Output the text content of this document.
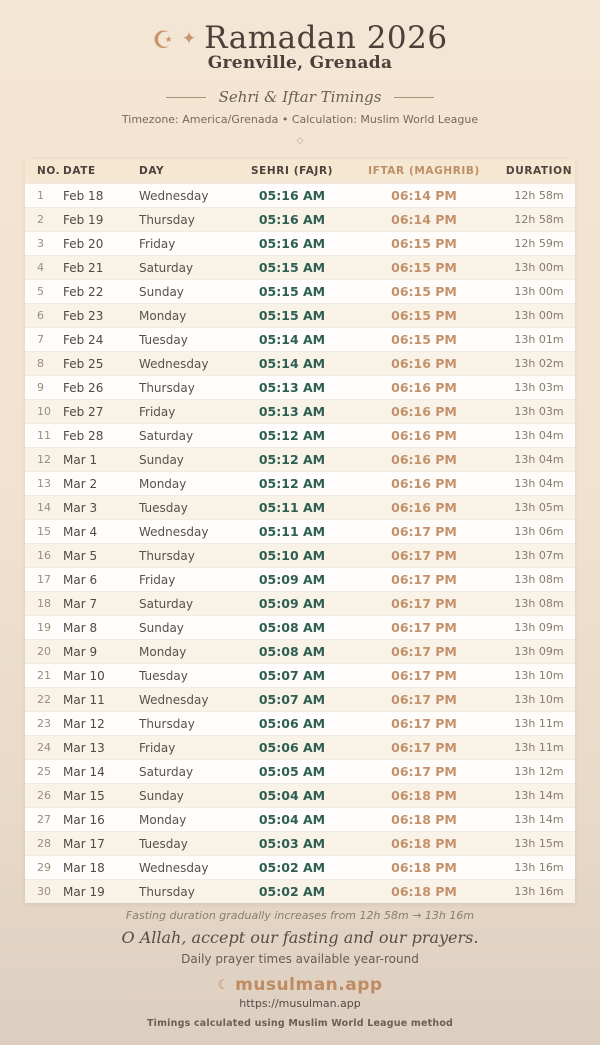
☪ ✦ Ramadan 2026
Grenville, Grenada
Sehri & Iftar Timings
Timezone: America/Grenada • Calculation: Muslim World League
◇
NO. DATE	DAY	SEHRI (FAJR)	IFTAR (MAGHRIB)	DURATION
1	Feb 18	Wednesday	05:16 AM	06:14 PM	12h 58m
2	Feb 19	Thursday	05:16 AM	06:14 PM	12h 58m
3	Feb 20	Friday	05:16 AM	06:15 PM	12h 59m
4	Feb 21	Saturday	05:15 AM	06:15 PM	13h 00m
5	Feb 22	Sunday	05:15 AM	06:15 PM	13h 00m
6	Feb 23	Monday	05:15 AM	06:15 PM	13h 00m
7	Feb 24	Tuesday	05:14 AM	06:15 PM	13h 01m
8	Feb 25	Wednesday	05:14 AM	06:16 PM	13h 02m
9	Feb 26	Thursday	05:13 AM	06:16 PM	13h 03m
10	Feb 27	Friday	05:13 AM	06:16 PM	13h 03m
11	Feb 28	Saturday	05:12 AM	06:16 PM	13h 04m
12	Mar 1	Sunday	05:12 AM	06:16 PM	13h 04m
13	Mar 2	Monday	05:12 AM	06:16 PM	13h 04m
14	Mar 3	Tuesday	05:11 AM	06:16 PM	13h 05m
15	Mar 4	Wednesday	05:11 AM	06:17 PM	13h 06m
16	Mar 5	Thursday	05:10 AM	06:17 PM	13h 07m
17	Mar 6	Friday	05:09 AM	06:17 PM	13h 08m
18	Mar 7	Saturday	05:09 AM	06:17 PM	13h 08m
19	Mar 8	Sunday	05:08 AM	06:17 PM	13h 09m
20	Mar 9	Monday	05:08 AM	06:17 PM	13h 09m
21	Mar 10	Tuesday	05:07 AM	06:17 PM	13h 10m
22	Mar 11	Wednesday	05:07 AM	06:17 PM	13h 10m
23	Mar 12	Thursday	05:06 AM	06:17 PM	13h 11m
24	Mar 13	Friday	05:06 AM	06:17 PM	13h 11m
25	Mar 14	Saturday	05:05 AM	06:17 PM	13h 12m
26	Mar 15	Sunday	05:04 AM	06:18 PM	13h 14m
27	Mar 16	Monday	05:04 AM	06:18 PM	13h 14m
28	Mar 17	Tuesday	05:03 AM	06:18 PM	13h 15m
29	Mar 18	Wednesday	05:02 AM	06:18 PM	13h 16m
30	Mar 19	Thursday	05:02 AM	06:18 PM	13h 16m
Fasting duration gradually increases from 12h 58m → 13h 16m
O Allah, accept our fasting and our prayers.
Daily prayer times available year-round
☾ musulman.app
https://musulman.app
Timings calculated using Muslim World League method
